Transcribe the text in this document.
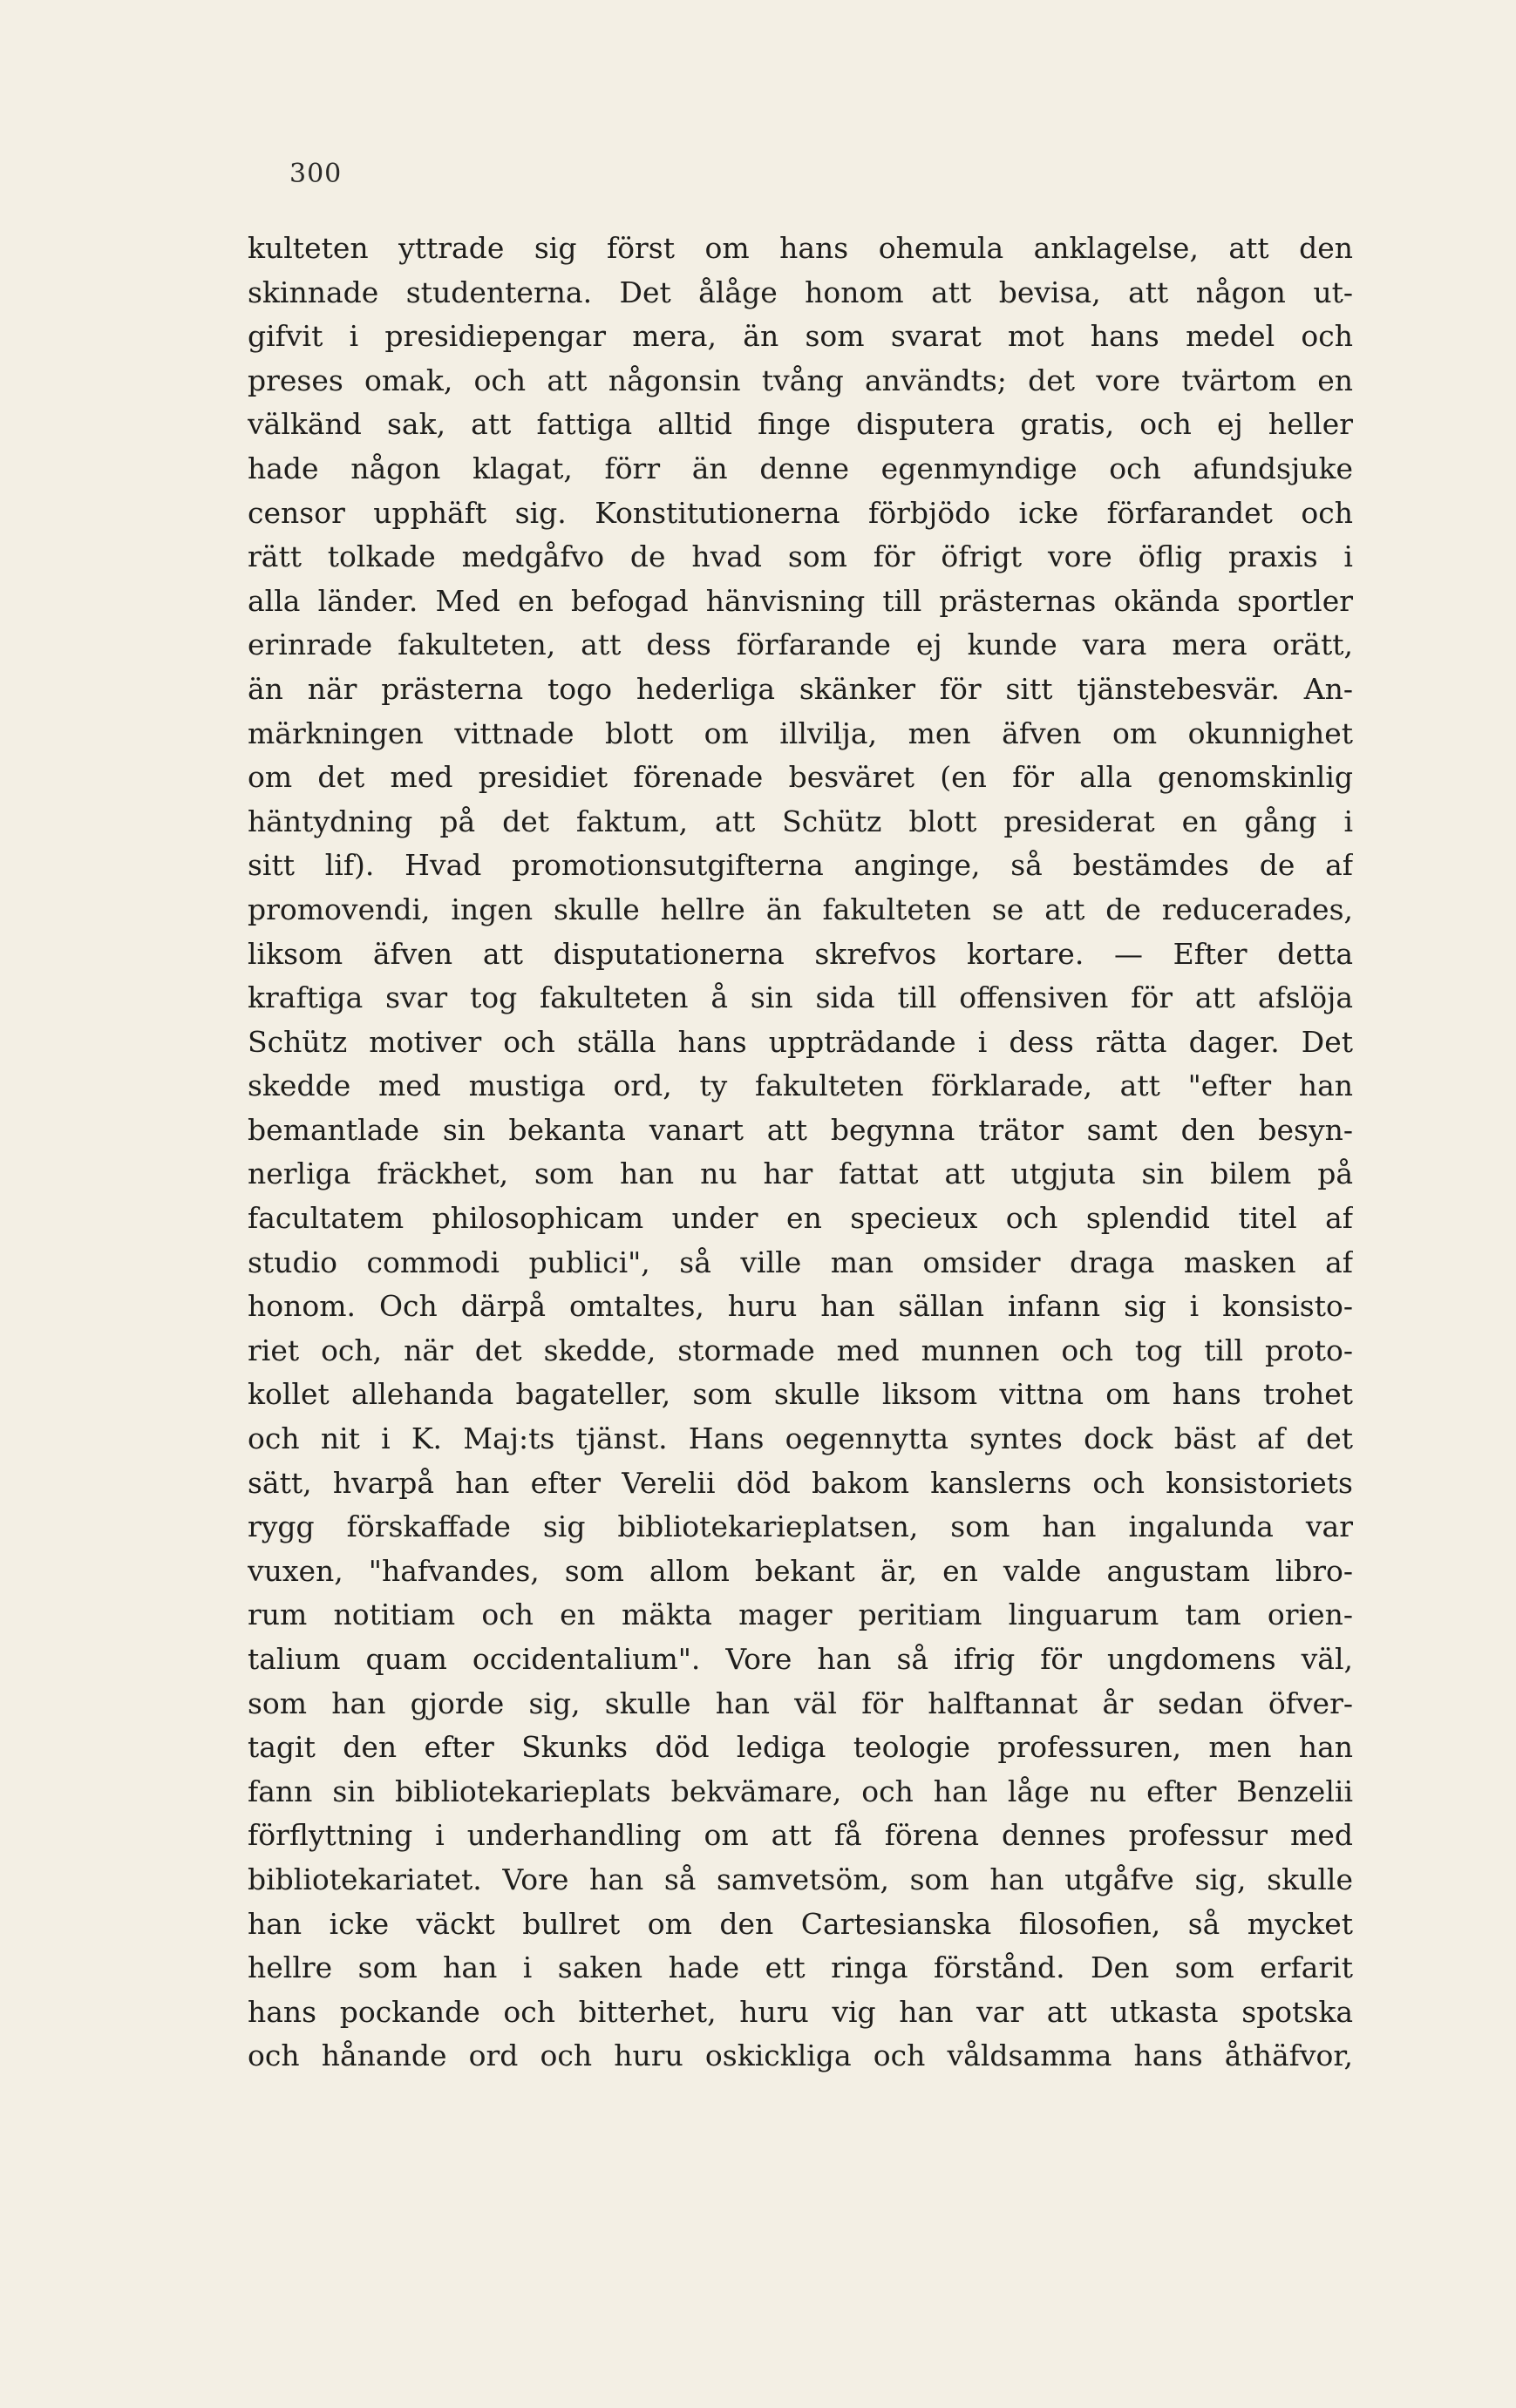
300
kulteten yttrade sig först om hans ohemula anklagelse, att den
skinnade studenterna. Det ålåge honom att bevisa, att någon ut-
gifvit i presidiepengar mera, än som svarat mot hans medel och
preses omak, och att någonsin tvång användts; det vore tvärtom en
välkänd sak, att fattiga alltid finge disputera gratis, och ej heller
hade någon klagat, förr än denne egenmyndige och afundsjuke
censor upphäft sig. Konstitutionerna förbjödo icke förfarandet och
rätt tolkade medgåfvo de hvad som för öfrigt vore öflig praxis i
alla länder. Med en befogad hänvisning till prästernas okända sportler
erinrade fakulteten, att dess förfarande ej kunde vara mera orätt,
än när prästerna togo hederliga skänker för sitt tjänstebesvär. An-
märkningen vittnade blott om illvilja, men äfven om okunnighet
om det med presidiet förenade besväret (en för alla genomskinlig
häntydning på det faktum, att Schütz blott presiderat en gång i
sitt lif). Hvad promotionsutgifterna anginge, så bestämdes de af
promovendi, ingen skulle hellre än fakulteten se att de reducerades,
liksom äfven att disputationerna skrefvos kortare. — Efter detta
kraftiga svar tog fakulteten å sin sida till offensiven för att afslöja
Schütz motiver och ställa hans uppträdande i dess rätta dager. Det
skedde med mustiga ord, ty fakulteten förklarade, att "efter han
bemantlade sin bekanta vanart att begynna trätor samt den besyn-
nerliga fräckhet, som han nu har fattat att utgjuta sin bilem på
facultatem philosophicam under en specieux och splendid titel af
studio commodi publici", så ville man omsider draga masken af
honom. Och därpå omtaltes, huru han sällan infann sig i konsisto-
riet och, när det skedde, stormade med munnen och tog till proto-
kollet allehanda bagateller, som skulle liksom vittna om hans trohet
och nit i K. Maj:ts tjänst. Hans oegennytta syntes dock bäst af det
sätt, hvarpå han efter Verelii död bakom kanslerns och konsistoriets
rygg förskaffade sig bibliotekarieplatsen, som han ingalunda var
vuxen, "hafvandes, som allom bekant är, en valde angustam libro-
rum notitiam och en mäkta mager peritiam linguarum tam orien-
talium quam occidentalium". Vore han så ifrig för ungdomens väl,
som han gjorde sig, skulle han väl för halftannat år sedan öfver-
tagit den efter Skunks död lediga teologie professuren, men han
fann sin bibliotekarieplats bekvämare, och han låge nu efter Benzelii
förflyttning i underhandling om att få förena dennes professur med
bibliotekariatet. Vore han så samvetsöm, som han utgåfve sig, skulle
han icke väckt bullret om den Cartesianska filosofien, så mycket
hellre som han i saken hade ett ringa förstånd. Den som erfarit
hans pockande och bitterhet, huru vig han var att utkasta spotska
och hånande ord och huru oskickliga och våldsamma hans åthäfvor,
